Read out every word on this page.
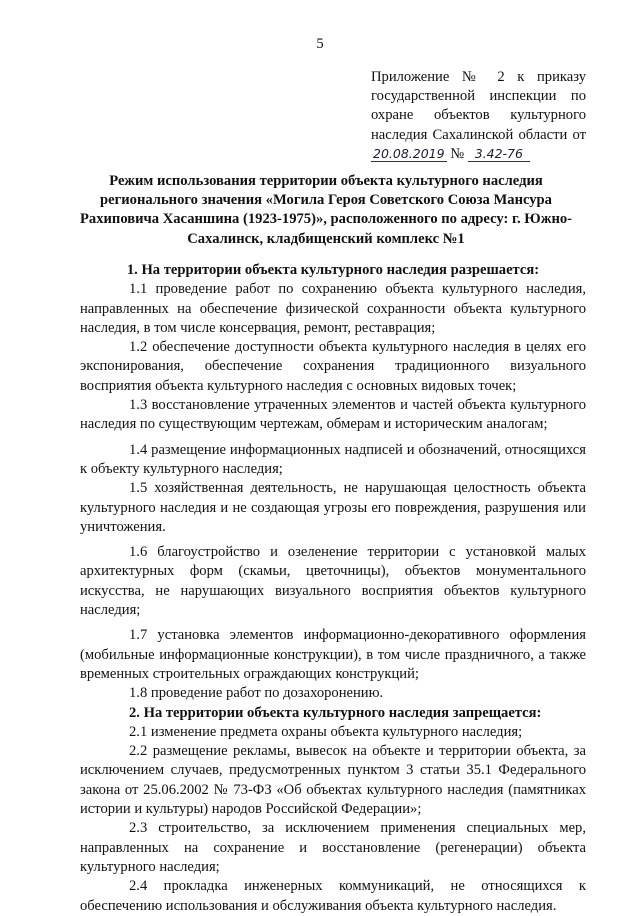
5
Приложение № 2 к приказу государственной инспекции по охране объектов культурного наследия Сахалинской области от 20.08.2019 № 3.42-76
Режим использования территории объекта культурного наследия регионального значения «Могила Героя Советского Союза Мансура Рахиповича Хасаншина (1923-1975)», расположенного по адресу: г. Южно-Сахалинск, кладбищенский комплекс №1

1. На территории объекта культурного наследия разрешается:

1.1 проведение работ по сохранению объекта культурного наследия, направленных на обеспечение физической сохранности объекта культурного наследия, в том числе консервация, ремонт, реставрация;

1.2 обеспечение доступности объекта культурного наследия в целях его экспонирования, обеспечение сохранения традиционного визуального восприятия объекта культурного наследия с основных видовых точек;

1.3 восстановление утраченных элементов и частей объекта культурного наследия по существующим чертежам, обмерам и историческим аналогам;

1.4 размещение информационных надписей и обозначений, относящихся к объекту культурного наследия;

1.5 хозяйственная деятельность, не нарушающая целостность объекта культурного наследия и не создающая угрозы его повреждения, разрушения или уничтожения.

1.6 благоустройство и озеленение территории с установкой малых архитектурных форм (скамьи, цветочницы), объектов монументального искусства, не нарушающих визуального восприятия объектов культурного наследия;

1.7 установка элементов информационно-декоративного оформления (мобильные информационные конструкции), в том числе праздничного, а также временных строительных ограждающих конструкций;

1.8 проведение работ по дозахоронению.

2. На территории объекта культурного наследия запрещается:

2.1 изменение предмета охраны объекта культурного наследия;

2.2 размещение рекламы, вывесок на объекте и территории объекта, за исключением случаев, предусмотренных пунктом 3 статьи 35.1 Федерального закона от 25.06.2002 № 73-ФЗ «Об объектах культурного наследия (памятниках истории и культуры) народов Российской Федерации»;

2.3 строительство, за исключением применения специальных мер, направленных на сохранение и восстановление (регенерации) объекта культурного наследия;

2.4 прокладка инженерных коммуникаций, не относящихся к обеспечению использования и обслуживания объекта культурного наследия.
